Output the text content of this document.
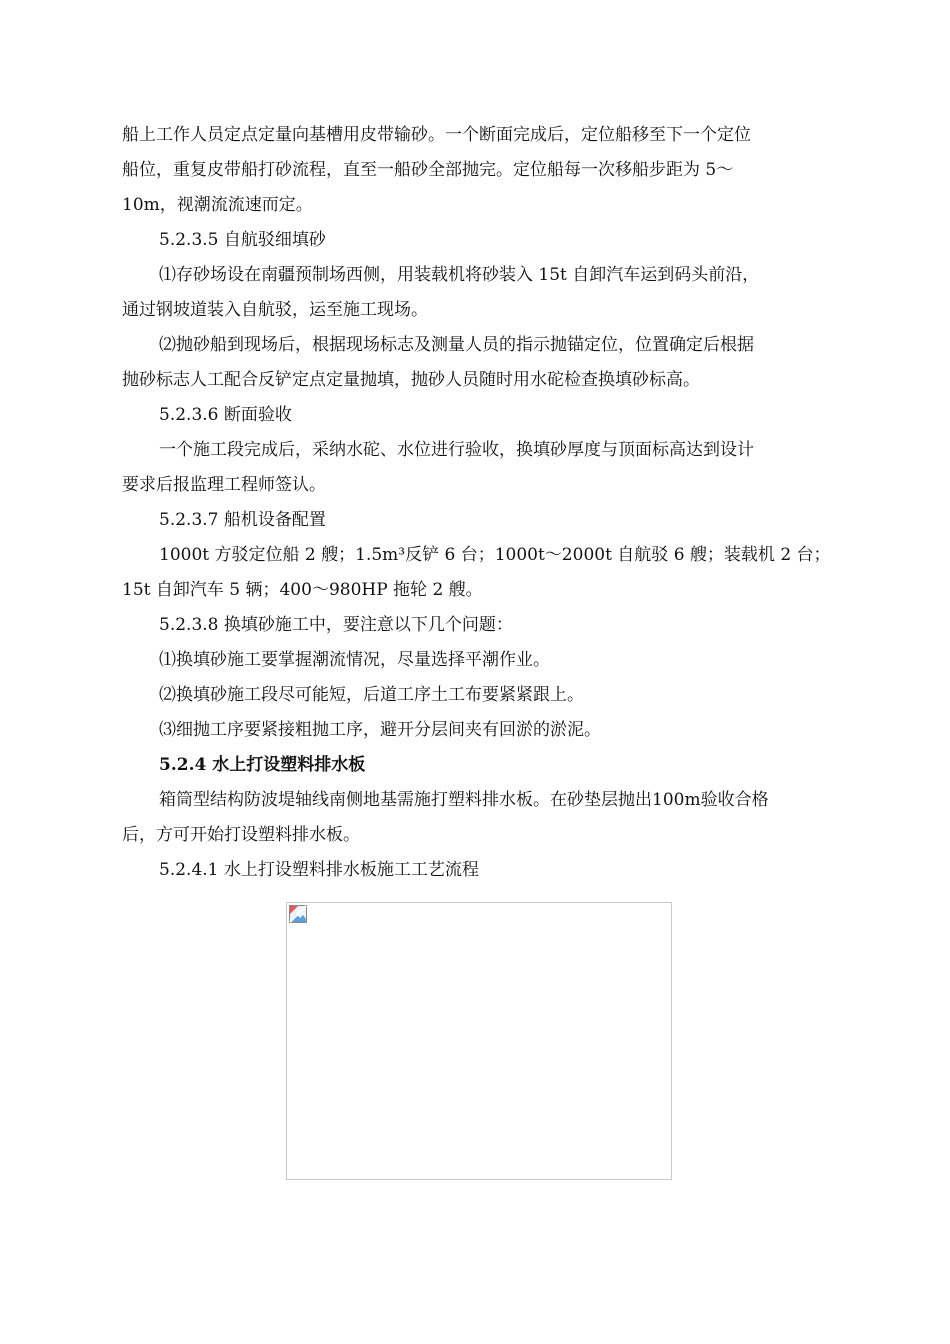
船上工作人员定点定量向基槽用皮带输砂。一个断面完成后，定位船移至下一个定位

船位，重复皮带船打砂流程，直至一船砂全部抛完。定位船每一次移船步距为 5～

10m，视潮流流速而定。

5.2.3.5 自航驳细填砂

⑴存砂场设在南疆预制场西侧，用装载机将砂装入 15t 自卸汽车运到码头前沿，

通过钢坡道装入自航驳，运至施工现场。

⑵抛砂船到现场后，根据现场标志及测量人员的指示抛锚定位，位置确定后根据

抛砂标志人工配合反铲定点定量抛填，抛砂人员随时用水砣检查换填砂标高。

5.2.3.6 断面验收

一个施工段完成后，采纳水砣、水位进行验收，换填砂厚度与顶面标高达到设计

要求后报监理工程师签认。

5.2.3.7 船机设备配置

1000t 方驳定位船 2 艘；1.5m³反铲 6 台；1000t～2000t 自航驳 6 艘；装载机 2 台；

15t 自卸汽车 5 辆；400～980HP 拖轮 2 艘。

5.2.3.8 换填砂施工中，要注意以下几个问题：

⑴换填砂施工要掌握潮流情况，尽量选择平潮作业。

⑵换填砂施工段尽可能短，后道工序土工布要紧紧跟上。

⑶细抛工序要紧接粗抛工序，避开分层间夹有回淤的淤泥。

5.2.4 水上打设塑料排水板

箱筒型结构防波堤轴线南侧地基需施打塑料排水板。在砂垫层抛出100m验收合格

后，方可开始打设塑料排水板。

5.2.4.1 水上打设塑料排水板施工工艺流程
